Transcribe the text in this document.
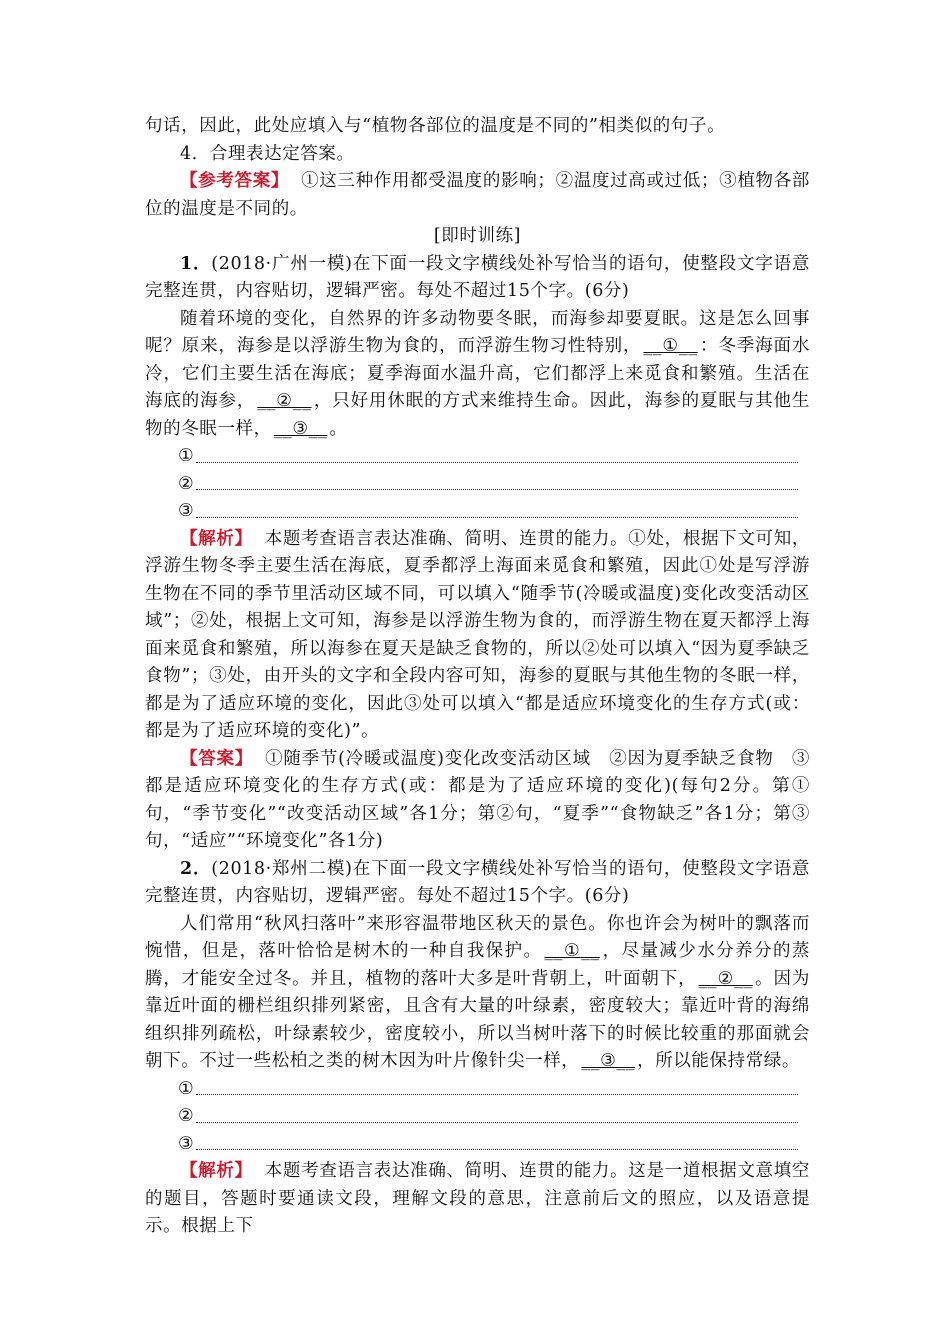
句话，因此，此处应填入与“植物各部位的温度是不同的”相类似的句子。

4．合理表达定答案。

【参考答案】 ①这三种作用都受温度的影响；②温度过高或过低；③植物各部位的温度是不同的。

[即时训练]

1．(2018·广州一模)在下面一段文字横线处补写恰当的语句，使整段文字语意完整连贯，内容贴切，逻辑严密。每处不超过15个字。(6分)

随着环境的变化，自然界的许多动物要冬眠，而海参却要夏眠。这是怎么回事呢？原来，海参是以浮游生物为食的，而浮游生物习性特别， __①__ ：冬季海面水冷，它们主要生活在海底；夏季海面水温升高，它们都浮上来觅食和繁殖。生活在海底的海参， __②__ ，只好用休眠的方式来维持生命。因此，海参的夏眠与其他生物的冬眠一样， __③__ 。

①
②
③

【解析】 本题考查语言表达准确、简明、连贯的能力。①处，根据下文可知，浮游生物冬季主要生活在海底，夏季都浮上海面来觅食和繁殖，因此①处是写浮游生物在不同的季节里活动区域不同，可以填入“随季节(冷暖或温度)变化改变活动区域”；②处，根据上文可知，海参是以浮游生物为食的，而浮游生物在夏天都浮上海面来觅食和繁殖，所以海参在夏天是缺乏食物的，所以②处可以填入“因为夏季缺乏食物”；③处，由开头的文字和全段内容可知，海参的夏眠与其他生物的冬眠一样，都是为了适应环境的变化，因此③处可以填入“都是适应环境变化的生存方式(或：都是为了适应环境的变化)”。

【答案】 ①随季节(冷暖或温度)变化改变活动区域　②因为夏季缺乏食物　③都是适应环境变化的生存方式(或：都是为了适应环境的变化)(每句2分。第①句，“季节变化”“改变活动区域”各1分；第②句，“夏季”“食物缺乏”各1分；第③句，“适应”“环境变化”各1分)

2．(2018·郑州二模)在下面一段文字横线处补写恰当的语句，使整段文字语意完整连贯，内容贴切，逻辑严密。每处不超过15个字。(6分)

人们常用“秋风扫落叶”来形容温带地区秋天的景色。你也许会为树叶的飘落而惋惜，但是，落叶恰恰是树木的一种自我保护。 __①__ ，尽量减少水分养分的蒸腾，才能安全过冬。并且，植物的落叶大多是叶背朝上，叶面朝下， __②__ 。因为靠近叶面的栅栏组织排列紧密，且含有大量的叶绿素，密度较大；靠近叶背的海绵组织排列疏松，叶绿素较少，密度较小，所以当树叶落下的时候比较重的那面就会朝下。不过一些松柏之类的树木因为叶片像针尖一样， __③__ ，所以能保持常绿。

①
②
③

【解析】 本题考查语言表达准确、简明、连贯的能力。这是一道根据文意填空的题目，答题时要通读文段，理解文段的意思，注意前后文的照应，以及语意提示。根据上下
